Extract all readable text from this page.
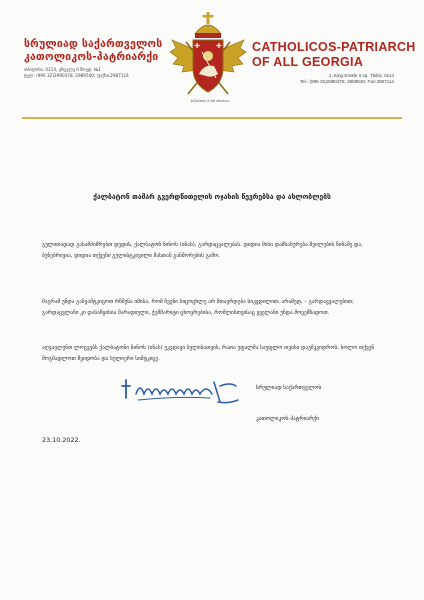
სრულიად საქართველოს
კათოლიკოს-პატრიარქი
თბილისი, 0114, ერეკლე II მოედ. №1
ტელ: (995 32)2990378, 2989540; ფაქსი:2987114
ῥιζούσης ὁ ἐπὶ πάντων
CATHOLICOS-PATRIARCH
OF ALL GEORGIA
1, King Erekle II sq. Tbilisi, 0114
Tel.: (995 32)2990378, 2989540; Fax:2987114
ქალბატონ თამარ გვერდწითელის ოჯახის წევრებსა და ახლობლებს
გულითადად გასამძიმრებთ დედის, ქალბატონ ნინოს (ინას), გარდაცვალებას. დიდია მისი დამსახურება შვილების წინაშე და, ბუნებრივია, დიდია თქვენი გულისტკივილი მასთან განშორების გამო.
მაგრამ უნდა განვამტკიცოთ რწმენა იმისა, რომ ჩვენი სიცოცხლე არ მთავრდება სიკვდილით, არამედ, – გარდაცვალებით; გარდაცვლანი კი დასაწყისია მარადიული, ჭეშმარიტი ცხოვრებისა, რომლისთვისაც ყველანი უნდა მოვემზადოთ.
აღვავლენთ ლოცვებს ქალბატონი ნინოს (ინას) უკვდავი სულისათვის, რათა უფალმა საუფლო თვისი დაუმკვიდროს, ხოლო თქვენ მოგმადლოთ შვიდობა და სულიერი სიმტკიცე.
სრულიად საქართველოს
კათოლიკოს-პატრიარქი
23.10.2022.
